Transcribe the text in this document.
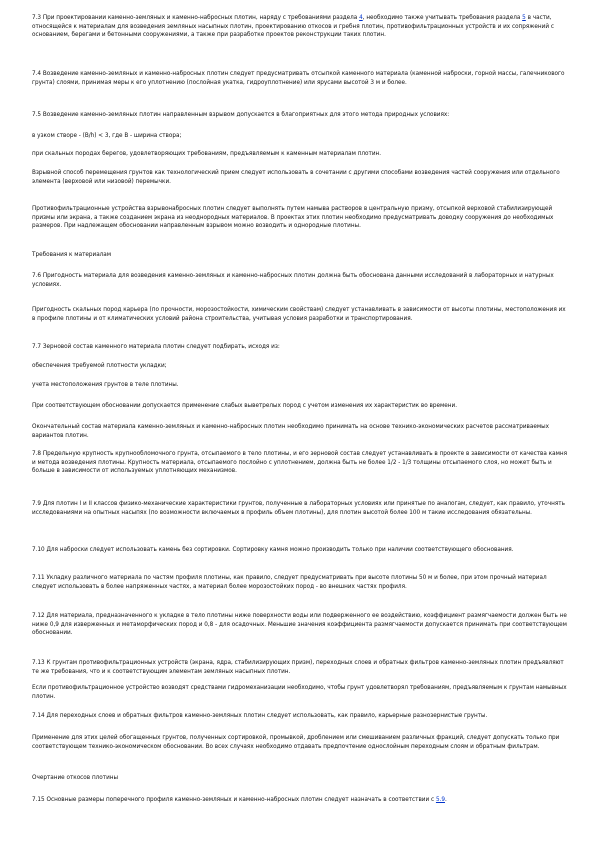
7.3 При проектировании каменно-земляных и каменно-набросных плотин, наряду с требованиями раздела 4, необходимо также учитывать требования раздела 5 в части, относящейся к материалам для возведения земляных насыпных плотин, проектированию откосов и гребня плотин, противофильтрационных устройств и их сопряжений с основанием, берегами и бетонными сооружениями, а также при разработке проектов реконструкции таких плотин.

7.4 Возведение каменно-земляных и каменно-набросных плотин следует предусматривать отсыпкой каменного материала (каменной наброски, горной массы, галечникового грунта) слоями, принимая меры к его уплотнению (послойная укатка, гидроуплотнение) или ярусами высотой 3 м и более.

7.5 Возведение каменно-земляных плотин направленным взрывом допускается в благоприятных для этого метода природных условиях:

в узком створе - (В/h) < 3, где В - ширина створа;

при скальных породах берегов, удовлетворяющих требованиям, предъявляемым к каменным материалам плотин.

Взрывной способ перемещения грунтов как технологический прием следует использовать в сочетании с другими способами возведения частей сооружения или отдельного элемента (верховой или низовой) перемычки.

Противофильтрационные устройства взрывонабросных плотин следует выполнять путем намыва растворов в центральную призму, отсыпкой верховой стабилизирующей призмы или экрана, а также созданием экрана из неоднородных материалов. В проектах этих плотин необходимо предусматривать доводку сооружения до необходимых размеров. При надлежащем обосновании направленным взрывом можно возводить и однородные плотины.

Требования к материалам

7.6 Пригодность материала для возведения каменно-земляных и каменно-набросных плотин должна быть обоснована данными исследований в лабораторных и натурных условиях.

Пригодность скальных пород карьера (по прочности, морозостойкости, химическим свойствам) следует устанавливать в зависимости от высоты плотины, местоположения их в профиле плотины и от климатических условий района строительства, учитывая условия разработки и транспортирования.

7.7 Зерновой состав каменного материала плотин следует подбирать, исходя из:

обеспечения требуемой плотности укладки;

учета местоположения грунтов в теле плотины.

При соответствующем обосновании допускается применение слабых выветрелых пород с учетом изменения их характеристик во времени.

Окончательный состав материала каменно-земляных и каменно-набросных плотин необходимо принимать на основе технико-экономических расчетов рассматриваемых вариантов плотин.

7.8 Предельную крупность крупнообломочного грунта, отсыпаемого в тело плотины, и его зерновой состав следует устанавливать в проекте в зависимости от качества камня и метода возведения плотины. Крупность материала, отсыпаемого послойно с уплотнением, должна быть не более 1/2 - 1/3 толщины отсыпаемого слоя, но может быть и больше в зависимости от используемых уплотняющих механизмов.

7.9 Для плотин I и II классов физико-механические характеристики грунтов, полученные в лабораторных условиях или принятые по аналогам, следует, как правило, уточнять исследованиями на опытных насыпях (по возможности включаемых в профиль объем плотины), для плотин высотой более 100 м такие исследования обязательны.

7.10 Для наброски следует использовать камень без сортировки. Сортировку камня можно производить только при наличии соответствующего обоснования.

7.11 Укладку различного материала по частям профиля плотины, как правило, следует предусматривать при высоте плотины 50 м и более, при этом прочный материал следует использовать в более напряженных частях, а материал более морозостойких пород - во внешних частях профиля.

7.12 Для материала, предназначенного к укладке в тело плотины ниже поверхности воды или подверженного ее воздействию, коэффициент размягчаемости должен быть не ниже 0,9 для изверженных и метаморфических пород и 0,8 - для осадочных. Меньшие значения коэффициента размягчаемости допускается принимать при соответствующем обосновании.

7.13 К грунтам противофильтрационных устройств (экрана, ядра, стабилизирующих призм), переходных слоев и обратных фильтров каменно-земляных плотин предъявляют те же требования, что и к соответствующим элементам земляных насыпных плотин.

Если противофильтрационное устройство возводят средствами гидромеханизации необходимо, чтобы грунт удовлетворял требованиям, предъявляемым к грунтам намывных плотин.

7.14 Для переходных слоев и обратных фильтров каменно-земляных плотин следует использовать, как правило, карьерные разнозернистые грунты.

Применение для этих целей обогащенных грунтов, полученных сортировкой, промывкой, дроблением или смешиванием различных фракций, следует допускать только при соответствующем технико-экономическом обосновании. Во всех случаях необходимо отдавать предпочтение однослойным переходным слоям и обратным фильтрам.

Очертание откосов плотины

7.15 Основные размеры поперечного профиля каменно-земляных и каменно-набросных плотин следует назначать в соответствии с 5.9.
